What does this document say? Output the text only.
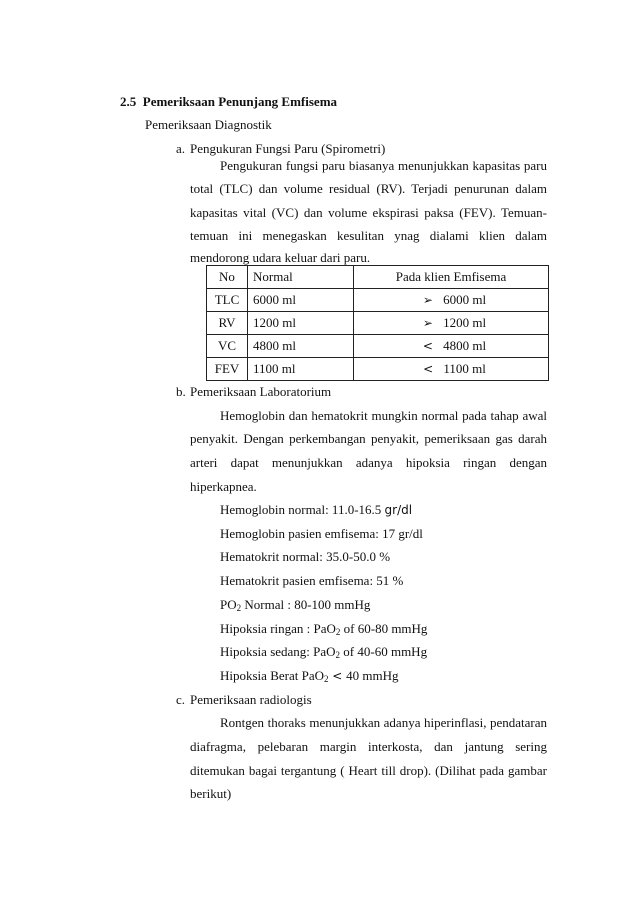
2.5 Pemeriksaan Penunjang Emfisema
Pemeriksaan Diagnostik
a. Pengukuran Fungsi Paru (Spirometri)
Pengukuran fungsi paru biasanya menunjukkan kapasitas paru
total (TLC) dan volume residual (RV). Terjadi penurunan dalam
kapasitas vital (VC) dan volume ekspirasi paksa (FEV). Temuan-
temuan ini menegaskan kesulitan ynag dialami klien dalam
mendorong udara keluar dari paru.
No	Normal	Pada klien Emfisema
TLC	6000 ml	➢ 6000 ml
RV	1200 ml	➢ 1200 ml
VC	4800 ml	< 4800 ml
FEV	1100 ml	< 1100 ml
b. Pemeriksaan Laboratorium
Hemoglobin dan hematokrit mungkin normal pada tahap awal
penyakit. Dengan perkembangan penyakit, pemeriksaan gas darah
arteri dapat menunjukkan adanya hipoksia ringan dengan
hiperkapnea.
Hemoglobin normal: 11.0-16.5 gr/dl
Hemoglobin pasien emfisema: 17 gr/dl
Hematokrit normal: 35.0-50.0 %
Hematokrit pasien emfisema: 51 %
$PO_2$ Normal : 80-100 mmHg
Hipoksia ringan : PaO$_2$ of 60-80 mmHg
Hipoksia sedang: PaO$_2$ of 40-60 mmHg
Hipoksia Berat PaO$_2$ < 40 mmHg
c. Pemeriksaan radiologis
Rontgen thoraks menunjukkan adanya hiperinflasi, pendataran
diafragma, pelebaran margin interkosta, dan jantung sering
ditemukan bagai tergantung ( Heart till drop). (Dilihat pada gambar
berikut)
